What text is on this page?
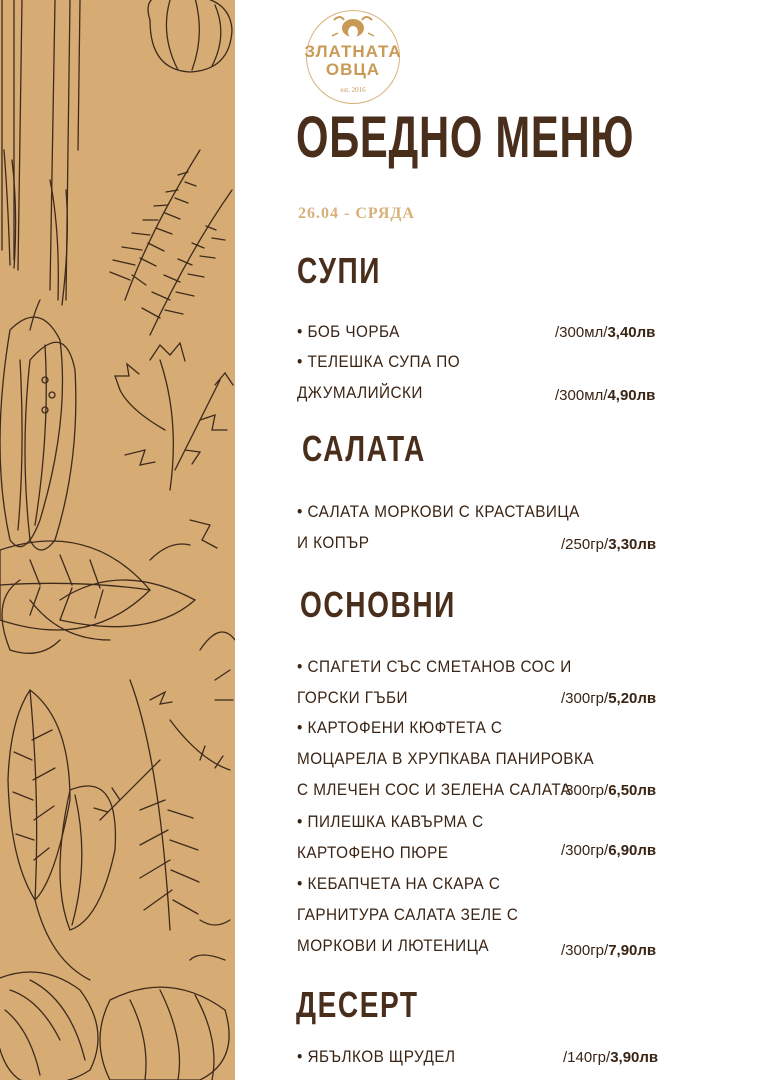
ЗЛАТНАТА
ОВЦА
est. 2016
ОБЕДНО МЕНЮ
26.04 - СРЯДА
СУПИ
• БОБ ЧОРБА	/300мл/3,40лв
• ТЕЛЕШКА СУПА ПО
ДЖУМАЛИЙСКИ	/300мл/4,90лв
САЛАТА
• САЛАТА МОРКОВИ С КРАСТАВИЦА
И КОПЪР	/250гр/3,30лв
ОСНОВНИ
• СПАГЕТИ СЪС СМЕТАНОВ СОС И
ГОРСКИ ГЪБИ	/300гр/5,20лв
• КАРТОФЕНИ КЮФТЕТА С
МОЦАРЕЛА В ХРУПКАВА ПАНИРОВКА
С МЛЕЧЕН СОС И ЗЕЛЕНА САЛАТА
/300гр/6,50лв
• ПИЛЕШКА КАВЪРМА С
КАРТОФЕНО ПЮРЕ	/300гр/6,90лв
• КЕБАПЧЕТА НА СКАРА С
ГАРНИТУРА САЛАТА ЗЕЛЕ С
МОРКОВИ И ЛЮТЕНИЦА	/300гр/7,90лв
ДЕСЕРТ
• ЯБЪЛКОВ ЩРУДЕЛ	/140гр/3,90лв
